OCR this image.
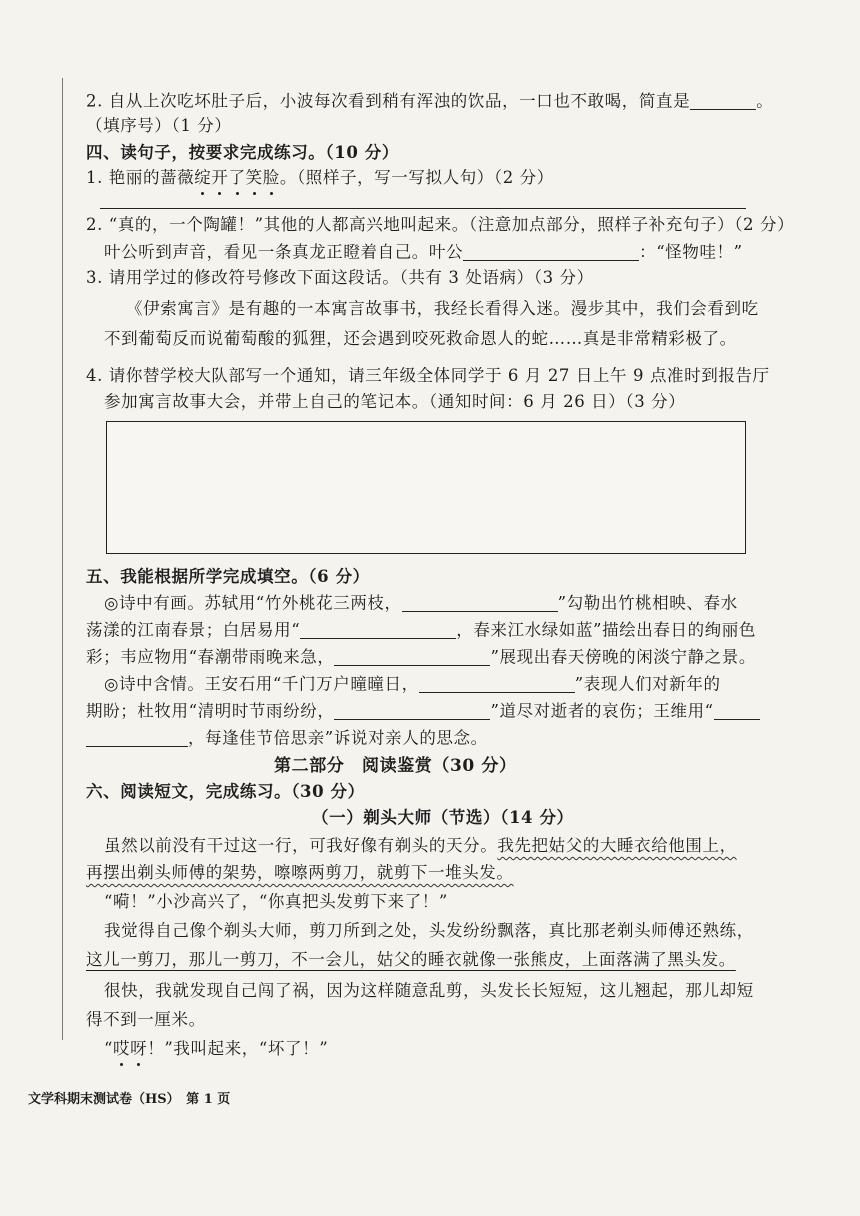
2. 自从上次吃坏肚子后，小波每次看到稍有浑浊的饮品，一口也不敢喝，简直是	。
（填序号）（1 分）
四、读句子，按要求完成练习。（10 分）
1. 艳丽的蔷薇绽开了笑脸。（照样子，写一写拟人句）（2 分）
2. “真的，一个陶罐！”其他的人都高兴地叫起来。（注意加点部分，照样子补充句子）（2 分）
叶公听到声音，看见一条真龙正瞪着自己。叶公	：“怪物哇！”
3. 请用学过的修改符号修改下面这段话。（共有 3 处语病）（3 分）
《伊索寓言》是有趣的一本寓言故事书，我经长看得入迷。漫步其中，我们会看到吃
不到葡萄反而说葡萄酸的狐狸，还会遇到咬死救命恩人的蛇……真是非常精彩极了。
4. 请你替学校大队部写一个通知，请三年级全体同学于 6 月 27 日上午 9 点准时到报告厅
参加寓言故事大会，并带上自己的笔记本。（通知时间：6 月 26 日）（3 分）
五、我能根据所学完成填空。（6 分）
◎诗中有画。苏轼用“竹外桃花三两枝，	”勾勒出竹桃相映、春水
荡漾的江南春景；白居易用“	，春来江水绿如蓝”描绘出春日的绚丽色
彩；韦应物用“春潮带雨晚来急，	”展现出春天傍晚的闲淡宁静之景。
◎诗中含情。王安石用“千门万户曈曈日，	”表现人们对新年的
期盼；杜牧用“清明时节雨纷纷，	”道尽对逝者的哀伤；王维用“
，每逢佳节倍思亲”诉说对亲人的思念。
第二部分　阅读鉴赏（30 分）
六、阅读短文，完成练习。（30 分）
（一）剃头大师（节选）（14 分）
虽然以前没有干过这一行，可我好像有剃头的天分。我先把姑父的大睡衣给他围上，
再摆出剃头师傅的架势，嚓嚓两剪刀，就剪下一堆头发。
“嗬！”小沙高兴了，“你真把头发剪下来了！”
我觉得自己像个剃头大师，剪刀所到之处，头发纷纷飘落，真比那老剃头师傅还熟练，
这儿一剪刀，那儿一剪刀，不一会儿，姑父的睡衣就像一张熊皮，上面落满了黑头发。
很快，我就发现自己闯了祸，因为这样随意乱剪，头发长长短短，这儿翘起，那儿却短
得不到一厘米。
“哎呀！”我叫起来，“坏了！”
文学科期末测试卷（HS）　第 1 页
